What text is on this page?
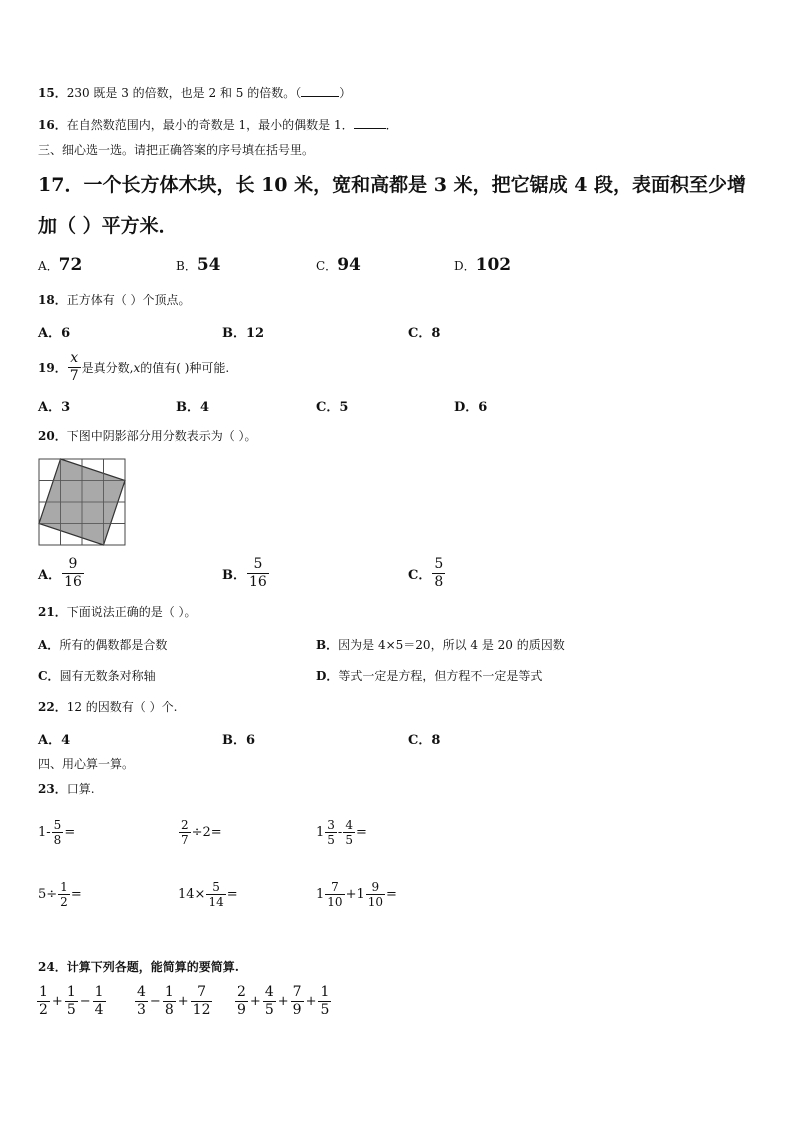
15．230 既是 3 的倍数，也是 2 和 5 的倍数。（	）
16．在自然数范围内，最小的奇数是 1，最小的偶数是 1．	．
三、细心选一选。请把正确答案的序号填在括号里。
17．一个长方体木块，长 10 米，宽和高都是 3 米，把它锯成 4 段，表面积至少增
加（ ）平方米．
A．72	B．54	C．94	D．102
18．正方体有（ ）个顶点。
A．6	B．12	C．8
19． $\frac{x}{7}$ 是真分数, x 的值有( )种可能.
A．3	B．4	C．5	D．6
20．下图中阴影部分用分数表示为（ ）。
A． $\frac{9}{16}$	B． $\frac{5}{16}$	C． $\frac{5}{8}$
21．下面说法正确的是（ ）。
A．所有的偶数都是合数	B．因为是 4×5＝20，所以 4 是 20 的质因数
C．圆有无数条对称轴	D．等式一定是方程，但方程不一定是等式
22．12 的因数有（ ）个.
A．4	B．6	C．8
四、用心算一算。
23．口算.
$1- \frac{5}{8}$ =	$\frac{2}{7} \div 2=$	$1 \frac{3}{5} - \frac{4}{5}$ =
$5\div \frac{1}{2}$ =	$14\times \frac{5}{14}$ =	$1 \frac{7}{10} +1 \frac{9}{10}$ =
24．计算下列各题，能简算的要简算.
$\frac{1}{2} + \frac{1}{5} - \frac{1}{4} \frac{4}{3} - \frac{1}{8} + \frac{7}{12} \frac{2}{9} + \frac{4}{5} + \frac{7}{9} + \frac{1}{5}$
